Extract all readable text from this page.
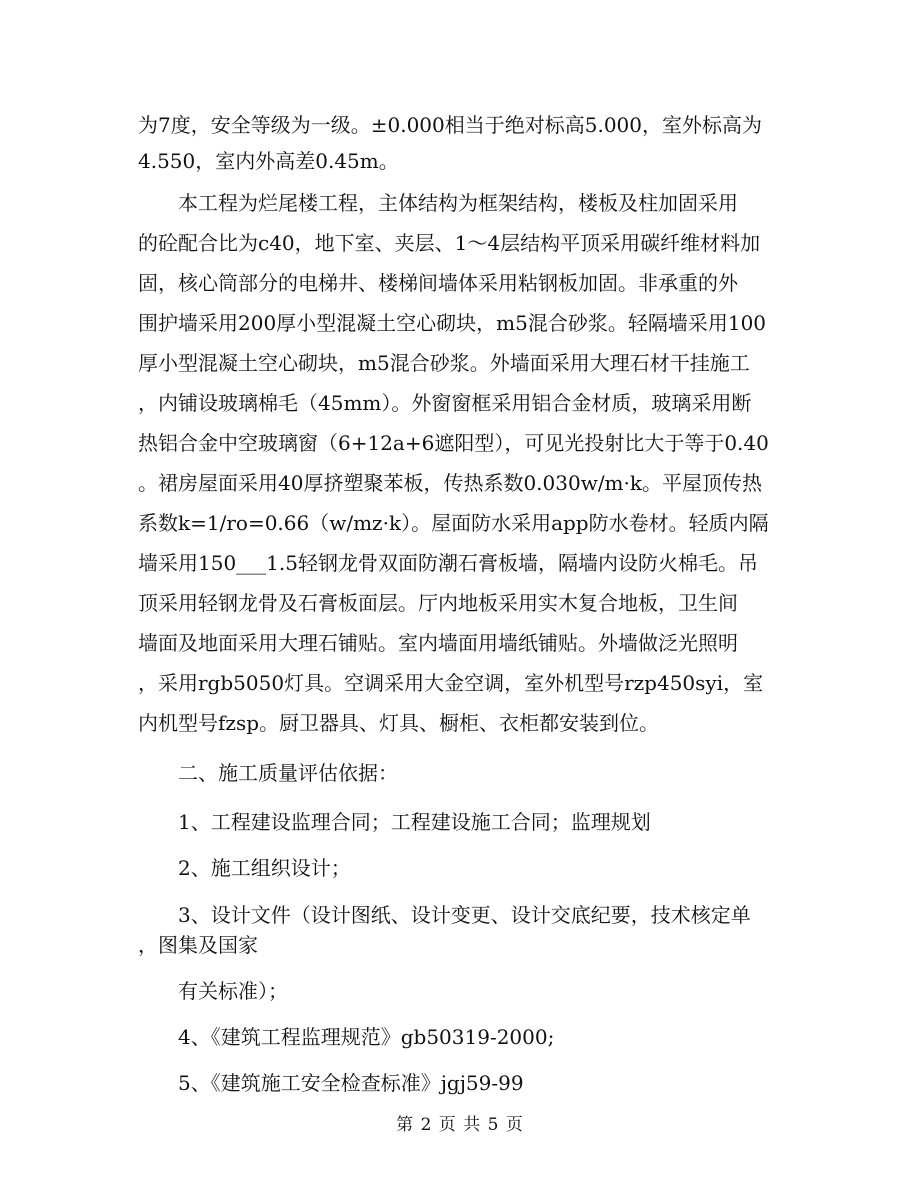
为7度，安全等级为一级。±0.000相当于绝对标高5.000，室外标高为
4.550，室内外高差0.45m。
本工程为烂尾楼工程，主体结构为框架结构，楼板及柱加固采用
的砼配合比为c40，地下室、夹层、1～4层结构平顶采用碳纤维材料加
固，核心筒部分的电梯井、楼梯间墙体采用粘钢板加固。非承重的外
围护墙采用200厚小型混凝土空心砌块，m5混合砂浆。轻隔墙采用100
厚小型混凝土空心砌块，m5混合砂浆。外墙面采用大理石材干挂施工
，内铺设玻璃棉毛（45mm）。外窗窗框采用铝合金材质，玻璃采用断
热铝合金中空玻璃窗（6+12a+6遮阳型），可见光投射比大于等于0.40
。裙房屋面采用40厚挤塑聚苯板，传热系数0.030w/m·k。平屋顶传热
系数k=1/ro=0.66（w/mz·k）。屋面防水采用app防水卷材。轻质内隔
墙采用150___1.5轻钢龙骨双面防潮石膏板墙，隔墙内设防火棉毛。吊
顶采用轻钢龙骨及石膏板面层。厅内地板采用实木复合地板，卫生间
墙面及地面采用大理石铺贴。室内墙面用墙纸铺贴。外墙做泛光照明
，采用rgb5050灯具。空调采用大金空调，室外机型号rzp450syi，室
内机型号fzsp。厨卫器具、灯具、橱柜、衣柜都安装到位。
二、施工质量评估依据：
1、工程建设监理合同；工程建设施工合同；监理规划
2、施工组织设计；
3、设计文件（设计图纸、设计变更、设计交底纪要，技术核定单
，图集及国家
有关标准）；
4、《建筑工程监理规范》gb50319-2000;
5、《建筑施工安全检查标准》jgj59-99
第 2 页 共 5 页
